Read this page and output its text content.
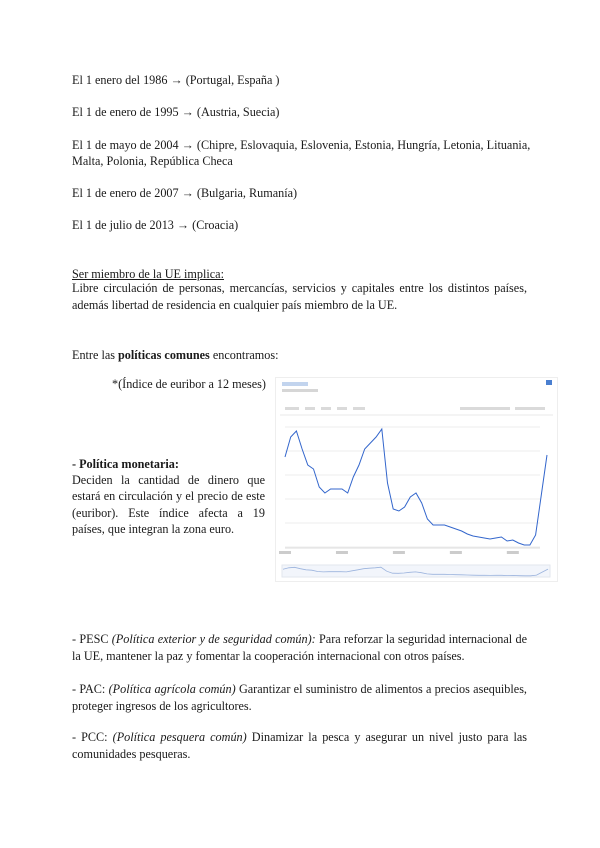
El 1 enero del 1986 → (Portugal, España )
El 1 de enero de 1995 → (Austria, Suecia)
El 1 de mayo de 2004 → (Chipre, Eslovaquia, Eslovenia, Estonia, Hungría, Letonia, Lituania,
Malta, Polonia, República Checa
El 1 de enero de 2007 → (Bulgaria, Rumanía)
El 1 de julio de 2013 → (Croacia)
Ser miembro de la UE implica:
Libre circulación de personas, mercancías, servicios y capitales entre los distintos países, además libertad de residencia en cualquier país miembro de la UE.
Entre las políticas comunes encontramos:
*(Índice de euribor a 12 meses)
- Política monetaria:
Deciden la cantidad de dinero que estará en circulación y el precio de este (euribor). Este índice afecta a 19 países, que integran la zona euro.
- PESC (Política exterior y de seguridad común): Para reforzar la seguridad internacional de la UE, mantener la paz y fomentar la cooperación internacional con otros países.
- PAC: (Política agrícola común) Garantizar el suministro de alimentos a precios asequibles, proteger ingresos de los agricultores.
- PCC: (Política pesquera común) Dinamizar la pesca y asegurar un nivel justo para las comunidades pesqueras.
